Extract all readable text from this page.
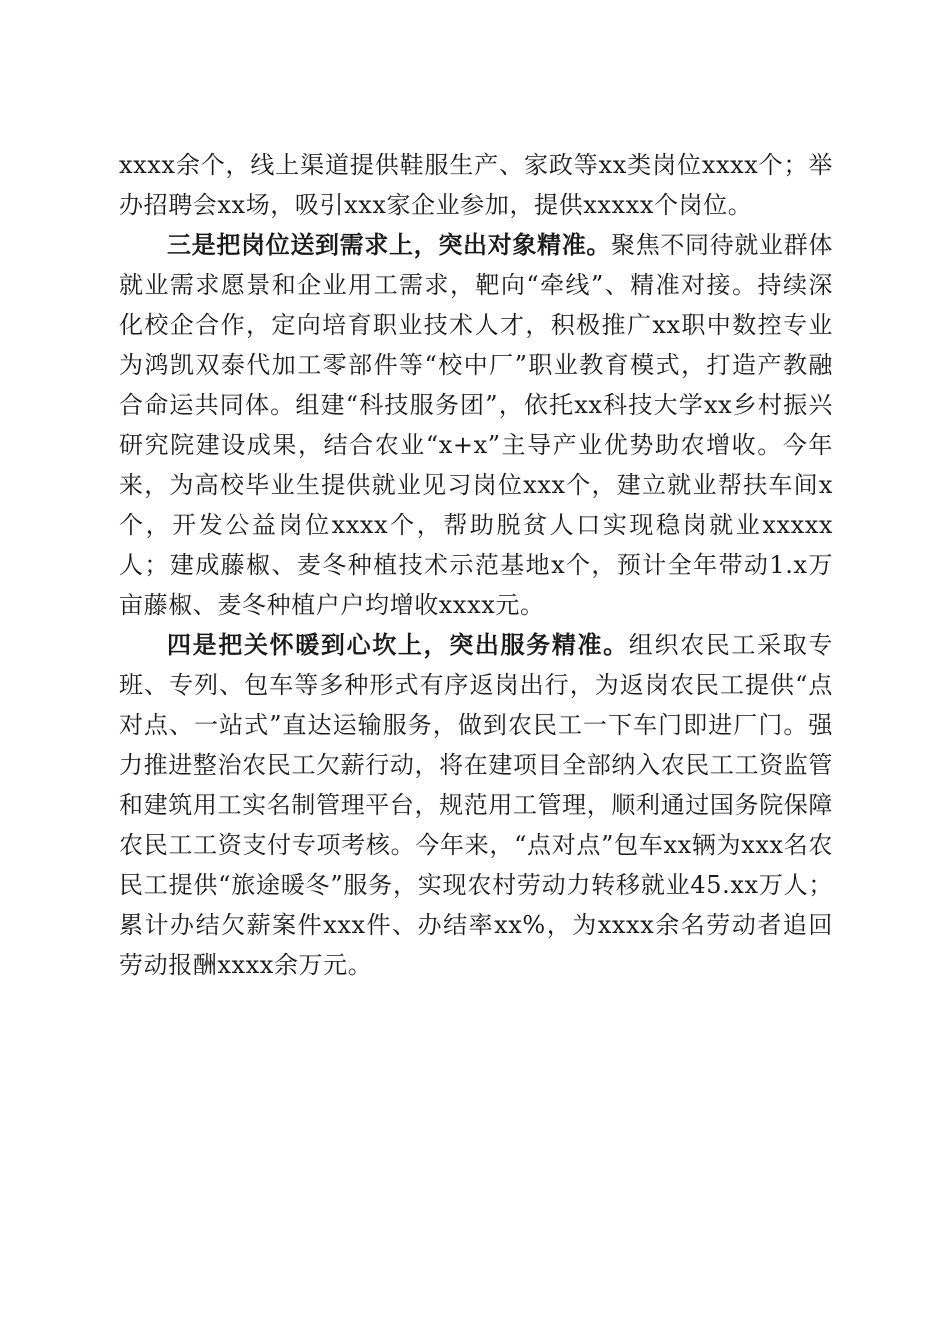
xxxx余个，线上渠道提供鞋服生产、家政等xx类岗位xxxx个；举办招聘会xx场，吸引xxx家企业参加，提供xxxxx个岗位。

三是把岗位送到需求上，突出对象精准。聚焦不同待就业群体就业需求愿景和企业用工需求，靶向“牵线”、精准对接。持续深化校企合作，定向培育职业技术人才，积极推广xx职中数控专业为鸿凯双泰代加工零部件等“校中厂”职业教育模式，打造产教融合命运共同体。组建“科技服务团”，依托xx科技大学xx乡村振兴研究院建设成果，结合农业“x+x”主导产业优势助农增收。今年来，为高校毕业生提供就业见习岗位xxx个，建立就业帮扶车间x个，开发公益岗位xxxx个，帮助脱贫人口实现稳岗就业xxxxx人；建成藤椒、麦冬种植技术示范基地x个，预计全年带动1.x万亩藤椒、麦冬种植户户均增收xxxx元。

四是把关怀暖到心坎上，突出服务精准。组织农民工采取专班、专列、包车等多种形式有序返岗出行，为返岗农民工提供“点对点、一站式”直达运输服务，做到农民工一下车门即进厂门。强力推进整治农民工欠薪行动，将在建项目全部纳入农民工工资监管和建筑用工实名制管理平台，规范用工管理，顺利通过国务院保障农民工工资支付专项考核。今年来，“点对点”包车xx辆为xxx名农民工提供“旅途暖冬”服务，实现农村劳动力转移就业45.xx万人；累计办结欠薪案件xxx件、办结率xx%，为xxxx余名劳动者追回劳动报酬xxxx余万元。
